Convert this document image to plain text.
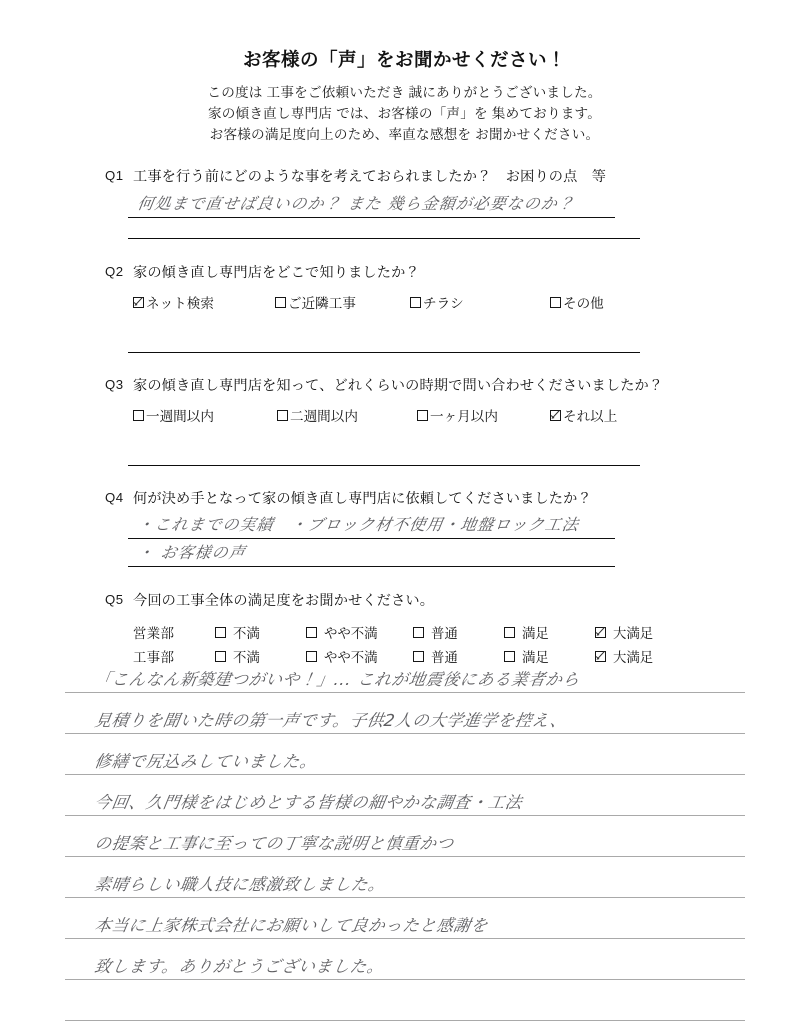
お客様の「声」をお聞かせください！
この度は 工事をご依頼いただき 誠にありがとうございました。
家の傾き直し専門店 では、お客様の「声」を 集めております。
お客様の満足度向上のため、率直な感想を お聞かせください。
Q1 工事を行う前にどのような事を考えておられましたか？　お困りの点　等
何処まで直せば良いのか？ また 幾ら金額が必要なのか？
Q2 家の傾き直し専門店をどこで知りましたか？
ネット検索	ご近隣工事	チラシ	その他
Q3 家の傾き直し専門店を知って、どれくらいの時期で問い合わせくださいましたか？
一週間以内	二週間以内	一ヶ月以内	それ以上
Q4 何が決め手となって家の傾き直し専門店に依頼してくださいましたか？
・これまでの実績　・ブロック材不使用・地盤ロック工法
・ お客様の声
Q5 今回の工事全体の満足度をお聞かせください。
営業部	不満	やや不満	普通	満足	大満足
工事部	不満	やや不満	普通	満足	大満足
「こんなん新築建つがいや！」... これが地震後にある業者から
見積りを聞いた時の第一声です。子供2人の大学進学を控え、
修繕で尻込みしていました。
今回、久門様をはじめとする皆様の細やかな調査・工法
の提案と工事に至っての丁寧な説明と慎重かつ
素晴らしい職人技に感激致しました。
本当に上家株式会社にお願いして良かったと感謝を
致します。ありがとうございました。
